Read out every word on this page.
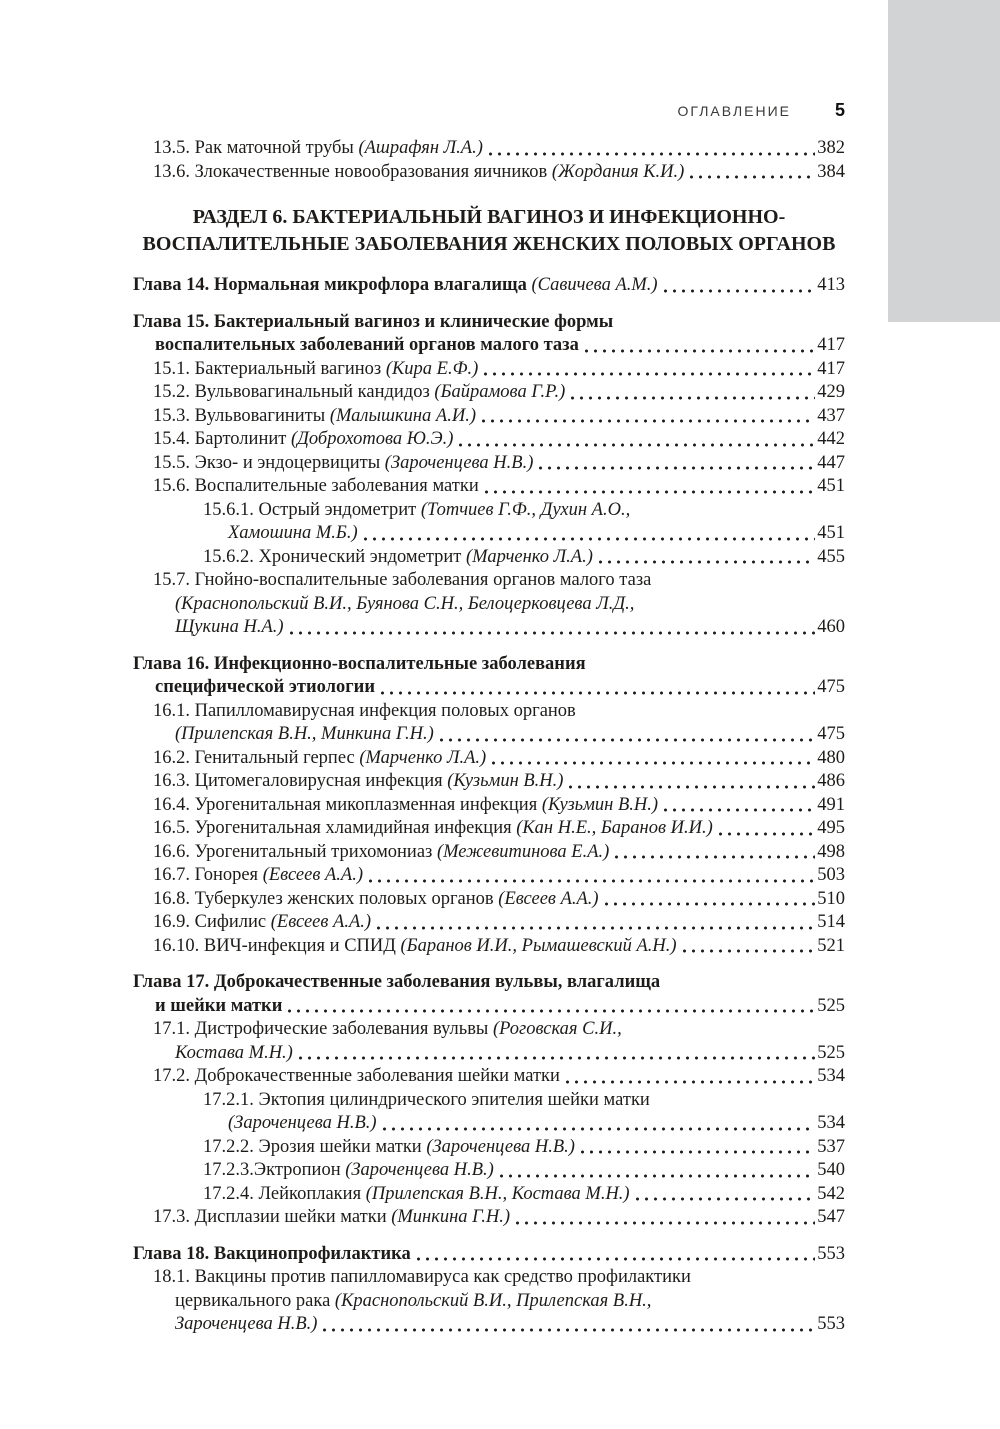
ОГЛАВЛЕНИЕ 5
13.5. Рак маточной трубы (Ашрафян Л.А.)	382
13.6. Злокачественные новообразования яичников (Жордания К.И.)	384
РАЗДЕЛ 6. БАКТЕРИАЛЬНЫЙ ВАГИНОЗ И ИНФЕКЦИОННО-
ВОСПАЛИТЕЛЬНЫЕ ЗАБОЛЕВАНИЯ ЖЕНСКИХ ПОЛОВЫХ ОРГАНОВ
Глава 14. Нормальная микрофлора влагалища (Савичева А.М.)	413
Глава 15. Бактериальный вагиноз и клинические формы
воспалительных заболеваний органов малого таза	417
15.1. Бактериальный вагиноз (Кира Е.Ф.)	417
15.2. Вульвовагинальный кандидоз (Байрамова Г.Р.)	429
15.3. Вульвовагиниты (Малышкина А.И.)	437
15.4. Бартолинит (Доброхотова Ю.Э.)	442
15.5. Экзо- и эндоцервициты (Зароченцева Н.В.)	447
15.6. Воспалительные заболевания матки	451
15.6.1. Острый эндометрит (Тотчиев Г.Ф., Духин А.О.,
Хамошина М.Б.)	451
15.6.2. Хронический эндометрит (Марченко Л.А.)	455
15.7. Гнойно-воспалительные заболевания органов малого таза
(Краснопольский В.И., Буянова С.Н., Белоцерковцева Л.Д.,
Щукина Н.А.)	460
Глава 16. Инфекционно-воспалительные заболевания
специфической этиологии	475
16.1. Папилломавирусная инфекция половых органов
(Прилепская В.Н., Минкина Г.Н.)	475
16.2. Генитальный герпес (Марченко Л.А.)	480
16.3. Цитомегаловирусная инфекция (Кузьмин В.Н.)	486
16.4. Урогенитальная микоплазменная инфекция (Кузьмин В.Н.)	491
16.5. Урогенитальная хламидийная инфекция (Кан Н.Е., Баранов И.И.)	495
16.6. Урогенитальный трихомониаз (Межевитинова Е.А.)	498
16.7. Гонорея (Евсеев А.А.)	503
16.8. Туберкулез женских половых органов (Евсеев А.А.)	510
16.9. Сифилис (Евсеев А.А.)	514
16.10. ВИЧ-инфекция и СПИД (Баранов И.И., Рымашевский А.Н.)	521
Глава 17. Доброкачественные заболевания вульвы, влагалища
и шейки матки	525
17.1. Дистрофические заболевания вульвы (Роговская С.И.,
Костава М.Н.)	525
17.2. Доброкачественные заболевания шейки матки	534
17.2.1. Эктопия цилиндрического эпителия шейки матки
(Зароченцева Н.В.)	534
17.2.2. Эрозия шейки матки (Зароченцева Н.В.)	537
17.2.3.Эктропион (Зароченцева Н.В.)	540
17.2.4. Лейкоплакия (Прилепская В.Н., Костава М.Н.)	542
17.3. Дисплазии шейки матки (Минкина Г.Н.)	547
Глава 18. Вакцинопрофилактика	553
18.1. Вакцины против папилломавируса как средство профилактики
цервикального рака (Краснопольский В.И., Прилепская В.Н.,
Зароченцева Н.В.)	553
